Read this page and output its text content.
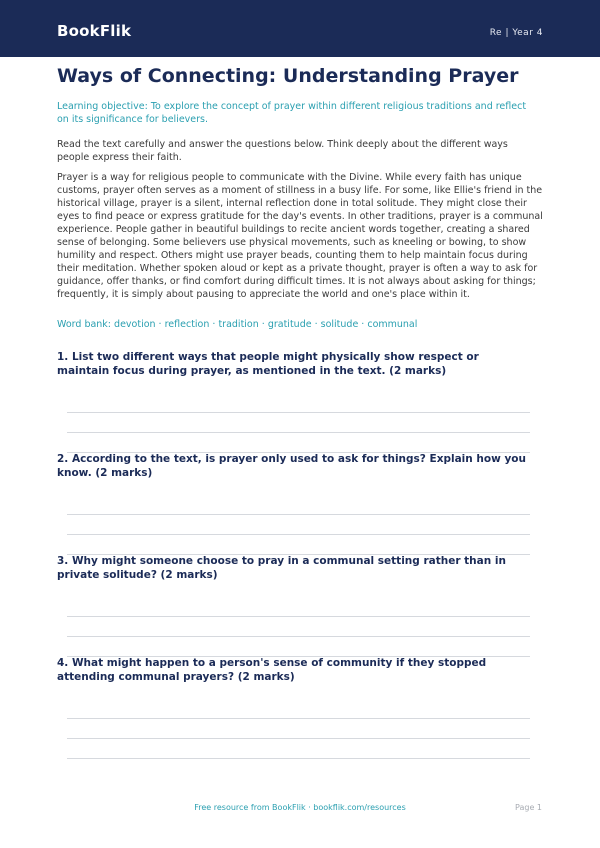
BookFlik	Re | Year 4
Ways of Connecting: Understanding Prayer
Learning objective: To explore the concept of prayer within different religious traditions and reflect on its significance for believers.
Read the text carefully and answer the questions below. Think deeply about the different ways people express their faith.
Prayer is a way for religious people to communicate with the Divine. While every faith has unique customs, prayer often serves as a moment of stillness in a busy life. For some, like Ellie's friend in the historical village, prayer is a silent, internal reflection done in total solitude. They might close their eyes to find peace or express gratitude for the day's events. In other traditions, prayer is a communal experience. People gather in beautiful buildings to recite ancient words together, creating a shared sense of belonging. Some believers use physical movements, such as kneeling or bowing, to show humility and respect. Others might use prayer beads, counting them to help maintain focus during their meditation. Whether spoken aloud or kept as a private thought, prayer is often a way to ask for guidance, offer thanks, or find comfort during difficult times. It is not always about asking for things; frequently, it is simply about pausing to appreciate the world and one's place within it.
Word bank: devotion · reflection · tradition · gratitude · solitude · communal
1. List two different ways that people might physically show respect or maintain focus during prayer, as mentioned in the text. (2 marks)
2. According to the text, is prayer only used to ask for things? Explain how you know. (2 marks)
3. Why might someone choose to pray in a communal setting rather than in private solitude? (2 marks)
4. What might happen to a person's sense of community if they stopped attending communal prayers? (2 marks)
Free resource from BookFlik · bookflik.com/resources	Page 1
